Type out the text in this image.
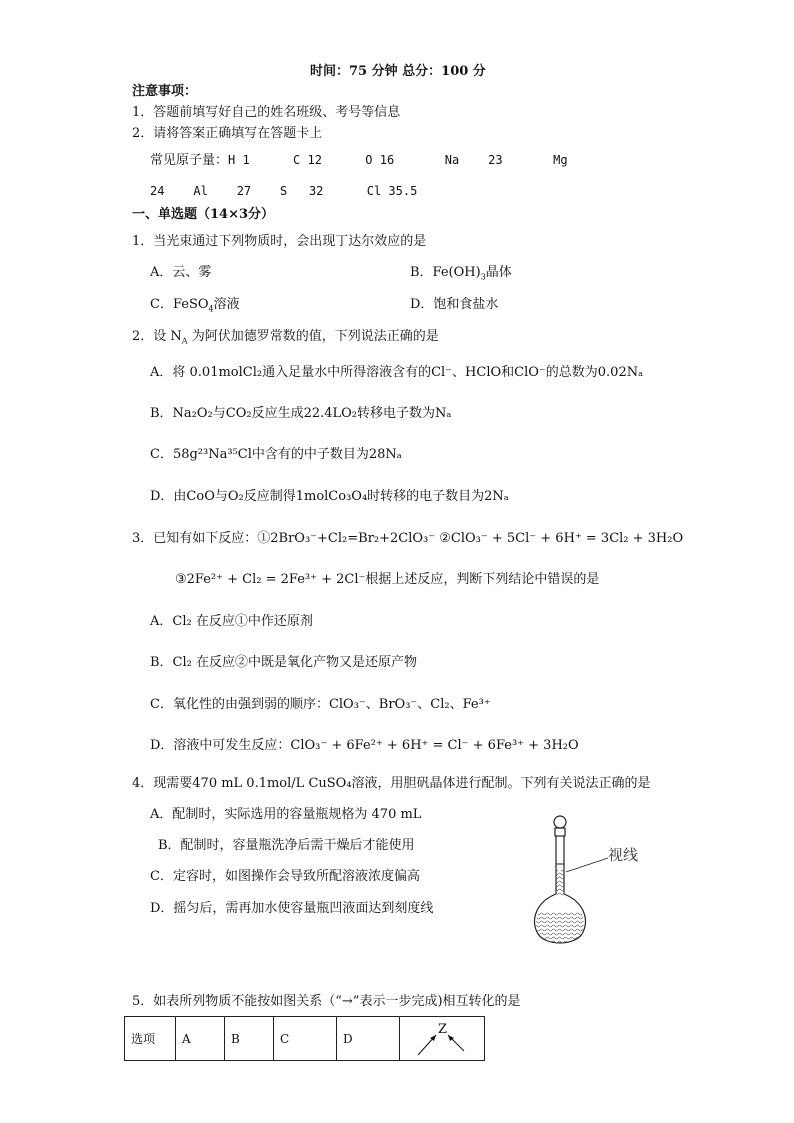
时间：75 分钟 总分：100 分
注意事项：
1．答题前填写好自己的姓名班级、考号等信息
2．请将答案正确填写在答题卡上
常见原子量：H 1      C 12      O 16       Na    23       Mg
24    Al    27    S   32      Cl 35.5
一、单选题（14×3分）
1．当光束通过下列物质时，会出现丁达尔效应的是
A．云、雾	B．$Fe(OH)_3$晶体
C．FeSO$_4$溶液	D．饱和食盐水
2．设 $N_A$ 为阿伏加德罗常数的值，下列说法正确的是
A．将 0.01molCl₂通入足量水中所得溶液含有的Cl⁻、HClO和ClO⁻的总数为0.02Nₐ
B．Na₂O₂与CO₂反应生成22.4LO₂转移电子数为Nₐ
C．58g²³Na³⁵Cl中含有的中子数目为28Nₐ
D．由CoO与O₂反应制得1molCo₃O₄时转移的电子数目为2Nₐ
3．已知有如下反应：①2BrO₃⁻+Cl₂=Br₂+2ClO₃⁻ ②ClO₃⁻ + 5Cl⁻ + 6H⁺ = 3Cl₂ + 3H₂O
③2Fe²⁺ + Cl₂ = 2Fe³⁺ + 2Cl⁻根据上述反应，判断下列结论中错误的是
A．Cl₂ 在反应①中作还原剂
B．Cl₂ 在反应②中既是氧化产物又是还原产物
C．氧化性的由强到弱的顺序：ClO₃⁻、BrO₃⁻、Cl₂、Fe³⁺
D．溶液中可发生反应：ClO₃⁻ + 6Fe²⁺ + 6H⁺ = Cl⁻ + 6Fe³⁺ + 3H₂O
4．现需要470 mL 0.1mol/L CuSO₄溶液，用胆矾晶体进行配制。下列有关说法正确的是
A．配制时，实际选用的容量瓶规格为 470 mL
B．配制时，容量瓶洗净后需干燥后才能使用
C．定容时，如图操作会导致所配溶液浓度偏高
D．摇匀后，需再加水使容量瓶凹液面达到刻度线
视线
5．如表所列物质不能按如图关系（“→”表示一步完成)相互转化的是
选项	A	B	C	D	
Z
